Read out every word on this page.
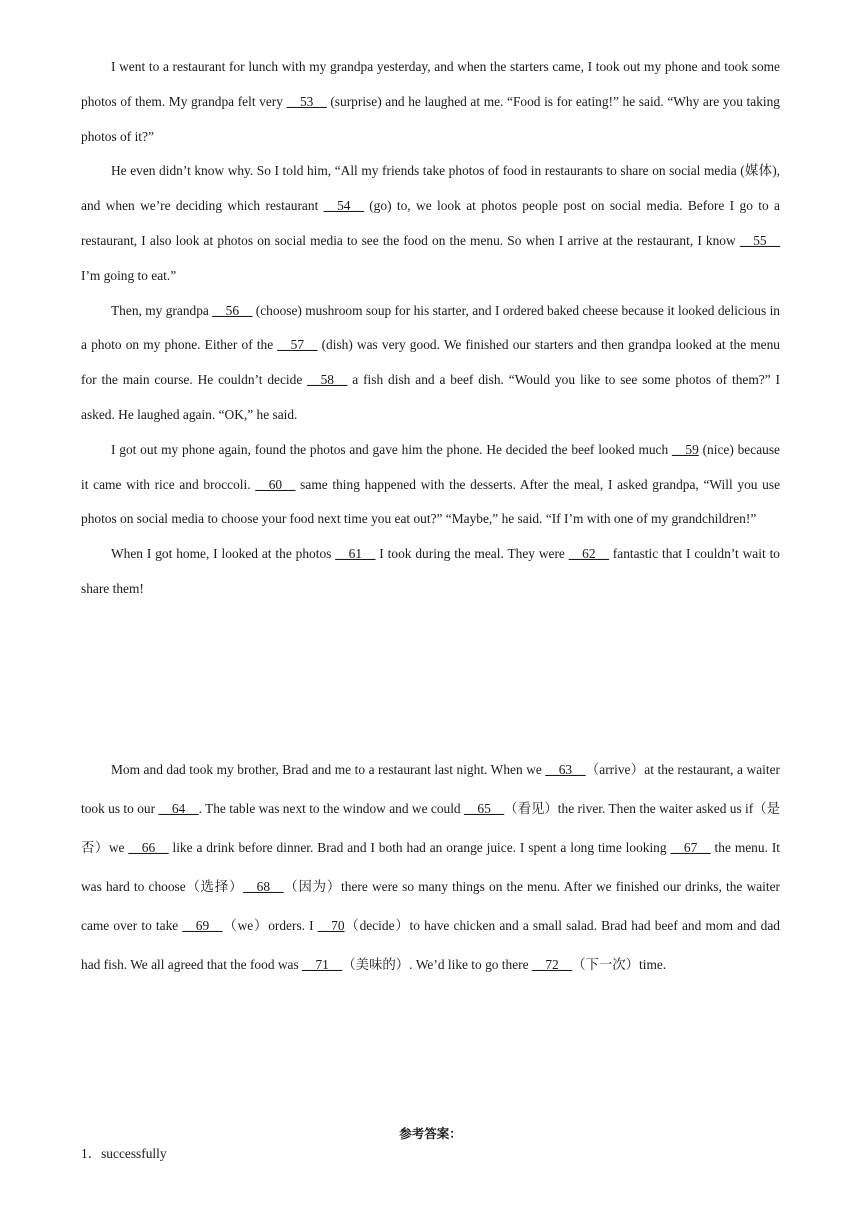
I went to a restaurant for lunch with my grandpa yesterday, and when the starters came, I took out my phone and took some photos of them. My grandpa felt very __53__ (surprise) and he laughed at me. “Food is for eating!” he said. “Why are you taking photos of it?”

He even didn’t know why. So I told him, “All my friends take photos of food in restaurants to share on social media (媒体), and when we’re deciding which restaurant __54__ (go) to, we look at photos people post on social media. Before I go to a restaurant, I also look at photos on social media to see the food on the menu. So when I arrive at the restaurant, I know __55__ I’m going to eat.”

Then, my grandpa __56__ (choose) mushroom soup for his starter, and I ordered baked cheese because it looked delicious in a photo on my phone. Either of the __57__ (dish) was very good. We finished our starters and then grandpa looked at the menu for the main course. He couldn’t decide __58__ a fish dish and a beef dish. “Would you like to see some photos of them?” I asked. He laughed again. “OK,” he said.

I got out my phone again, found the photos and gave him the phone. He decided the beef looked much __59 (nice) because it came with rice and broccoli. __60__ same thing happened with the desserts. After the meal, I asked grandpa, “Will you use photos on social media to choose your food next time you eat out?” “Maybe,” he said. “If I’m with one of my grandchildren!”

When I got home, I looked at the photos __61__ I took during the meal. They were __62__ fantastic that I couldn’t wait to share them!

Mom and dad took my brother, Brad and me to a restaurant last night. When we __63__（arrive）at the restaurant, a waiter took us to our __64__. The table was next to the window and we could __65__（看见）the river. Then the waiter asked us if（是否）we __66__ like a drink before dinner. Brad and I both had an orange juice. I spent a long time looking __67__ the menu. It was hard to choose（选择）__68__（因为）there were so many things on the menu. After we finished our drinks, the waiter came over to take __69__（we）orders. I __70（decide）to have chicken and a small salad. Brad had beef and mom and dad had fish. We all agreed that the food was __71__（美味的）. We’d like to go there __72__（下一次）time.

参考答案：

1．successfully
